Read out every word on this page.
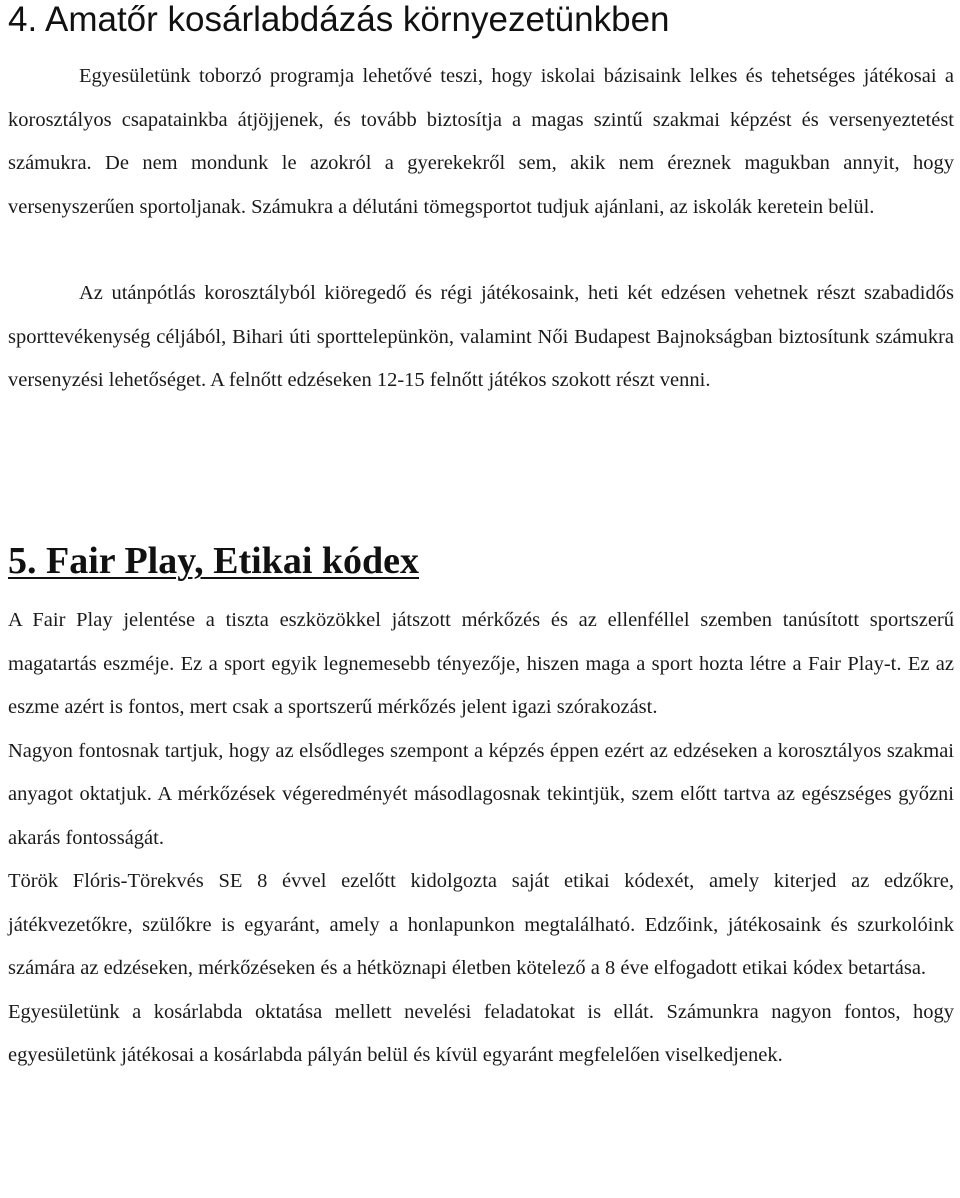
4. Amatőr kosárlabdázás környezetünkben

Egyesületünk toborzó programja lehetővé teszi, hogy iskolai bázisaink lelkes és tehetséges játékosai a korosztályos csapatainkba átjöjjenek, és tovább biztosítja a magas szintű szakmai képzést és versenyeztetést számukra. De nem mondunk le azokról a gyerekekről sem, akik nem éreznek magukban annyit, hogy versenyszerűen sportoljanak. Számukra a délutáni tömegsportot tudjuk ajánlani, az iskolák keretein belül.

Az utánpótlás korosztályból kiöregedő és régi játékosaink, heti két edzésen vehetnek részt szabadidős sporttevékenység céljából, Bihari úti sporttelepünkön, valamint Női Budapest Bajnokságban biztosítunk számukra versenyzési lehetőséget. A felnőtt edzéseken 12-15 felnőtt játékos szokott részt venni.

5. Fair Play, Etikai kódex

A Fair Play jelentése a tiszta eszközökkel játszott mérkőzés és az ellenféllel szemben tanúsított sportszerű magatartás eszméje. Ez a sport egyik legnemesebb tényezője, hiszen maga a sport hozta létre a Fair Play-t. Ez az eszme azért is fontos, mert csak a sportszerű mérkőzés jelent igazi szórakozást.

Nagyon fontosnak tartjuk, hogy az elsődleges szempont a képzés éppen ezért az edzéseken a korosztályos szakmai anyagot oktatjuk. A mérkőzések végeredményét másodlagosnak tekintjük, szem előtt tartva az egészséges győzni akarás fontosságát.

Török Flóris-Törekvés SE 8 évvel ezelőtt kidolgozta saját etikai kódexét, amely kiterjed az edzőkre, játékvezetőkre, szülőkre is egyaránt, amely a honlapunkon megtalálható. Edzőink, játékosaink és szurkolóink számára az edzéseken, mérkőzéseken és a hétköznapi életben kötelező a 8 éve elfogadott etikai kódex betartása.

Egyesületünk a kosárlabda oktatása mellett nevelési feladatokat is ellát. Számunkra nagyon fontos, hogy egyesületünk játékosai a kosárlabda pályán belül és kívül egyaránt megfelelően viselkedjenek.
